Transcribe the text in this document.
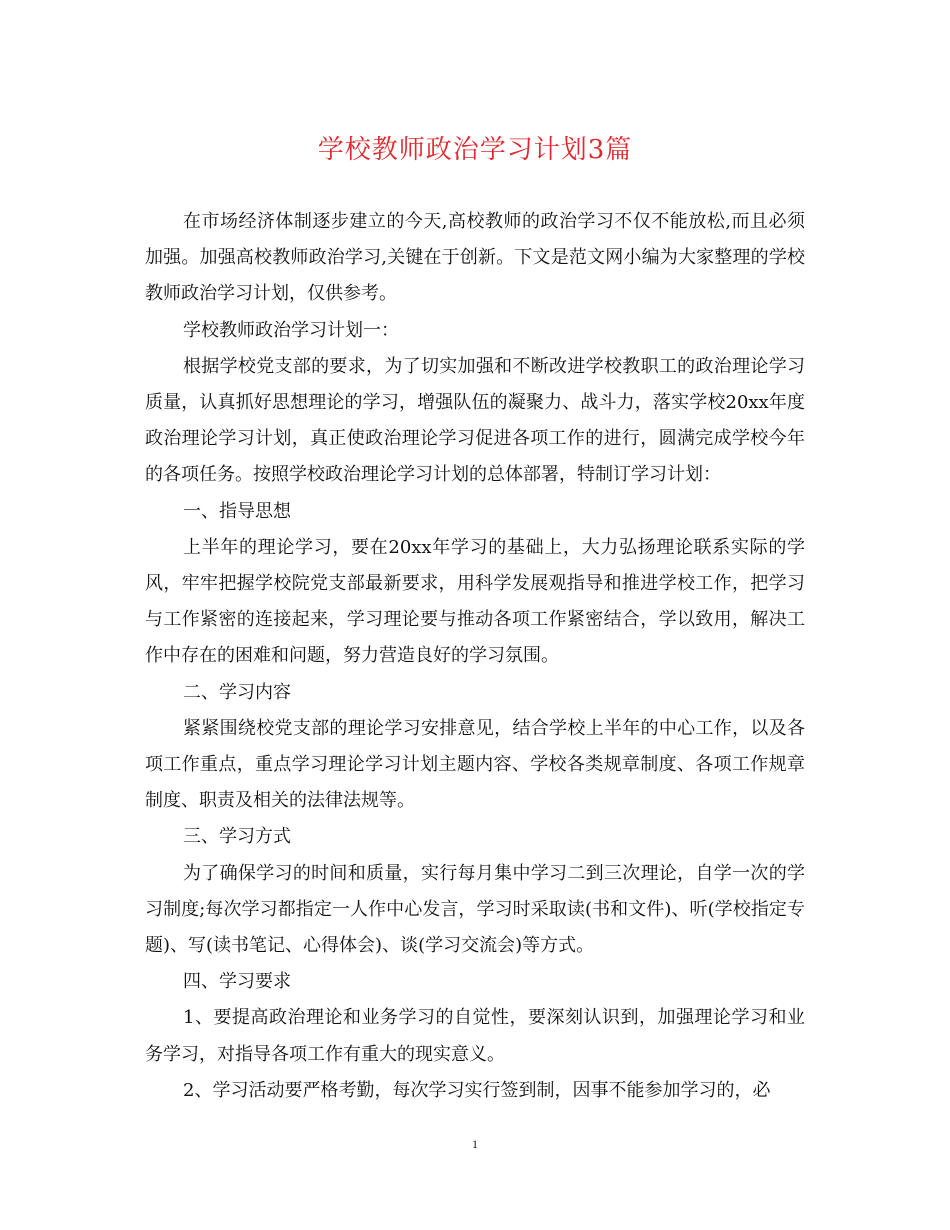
学校教师政治学习计划3篇

在市场经济体制逐步建立的今天,高校教师的政治学习不仅不能放松,而且必须加强。加强高校教师政治学习,关键在于创新。下文是范文网小编为大家整理的学校教师政治学习计划，仅供参考。

学校教师政治学习计划一：

根据学校党支部的要求，为了切实加强和不断改进学校教职工的政治理论学习质量，认真抓好思想理论的学习，增强队伍的凝聚力、战斗力，落实学校20xx年度政治理论学习计划，真正使政治理论学习促进各项工作的进行，圆满完成学校今年的各项任务。按照学校政治理论学习计划的总体部署，特制订学习计划：

一、指导思想

上半年的理论学习，要在20xx年学习的基础上，大力弘扬理论联系实际的学风，牢牢把握学校院党支部最新要求，用科学发展观指导和推进学校工作，把学习与工作紧密的连接起来，学习理论要与推动各项工作紧密结合，学以致用，解决工作中存在的困难和问题，努力营造良好的学习氛围。

二、学习内容

紧紧围绕校党支部的理论学习安排意见，结合学校上半年的中心工作，以及各项工作重点，重点学习理论学习计划主题内容、学校各类规章制度、各项工作规章制度、职责及相关的法律法规等。

三、学习方式

为了确保学习的时间和质量，实行每月集中学习二到三次理论，自学一次的学习制度;每次学习都指定一人作中心发言，学习时采取读(书和文件)、听(学校指定专题)、写(读书笔记、心得体会)、谈(学习交流会)等方式。

四、学习要求

1、要提高政治理论和业务学习的自觉性，要深刻认识到，加强理论学习和业务学习，对指导各项工作有重大的现实意义。

2、学习活动要严格考勤，每次学习实行签到制，因事不能参加学习的，必

1
